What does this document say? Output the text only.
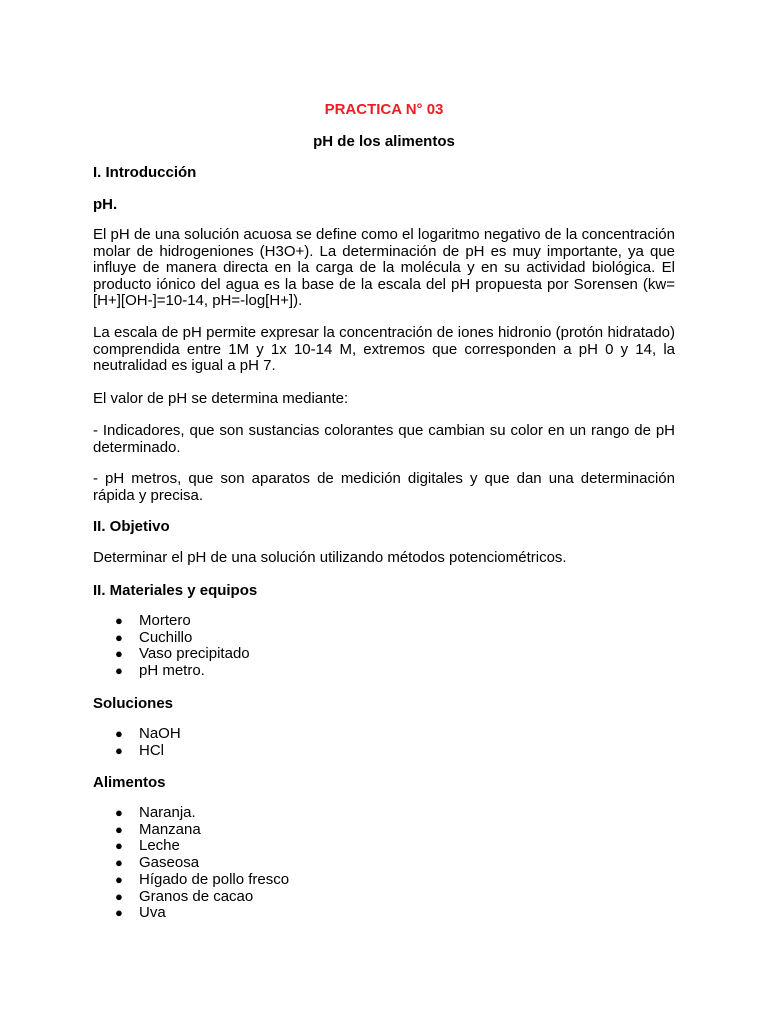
PRACTICA N° 03
pH de los alimentos
I. Introducción
pH.

El pH de una solución acuosa se define como el logaritmo negativo de la concentración molar de hidrogeniones (H3O+). La determinación de pH es muy importante, ya que influye de manera directa en la carga de la molécula y en su actividad biológica. El producto iónico del agua es la base de la escala del pH propuesta por Sorensen (kw=[H+][OH-]=10-14, pH=-log[H+]).

La escala de pH permite expresar la concentración de iones hidronio (protón hidratado) comprendida entre 1M y 1x 10-14 M, extremos que corresponden a pH 0 y 14, la neutralidad es igual a pH 7.

El valor de pH se determina mediante:

- Indicadores, que son sustancias colorantes que cambian su color en un rango de pH determinado.

- pH metros, que son aparatos de medición digitales y que dan una determinación rápida y precisa.

II. Objetivo

Determinar el pH de una solución utilizando métodos potenciométricos.

II. Materiales y equipos
● Mortero
● Cuchillo
● Vaso precipitado
● pH metro.
Soluciones
● NaOH
● HCl
Alimentos
● Naranja.
● Manzana
● Leche
● Gaseosa
● Hígado de pollo fresco
● Granos de cacao
● Uva
